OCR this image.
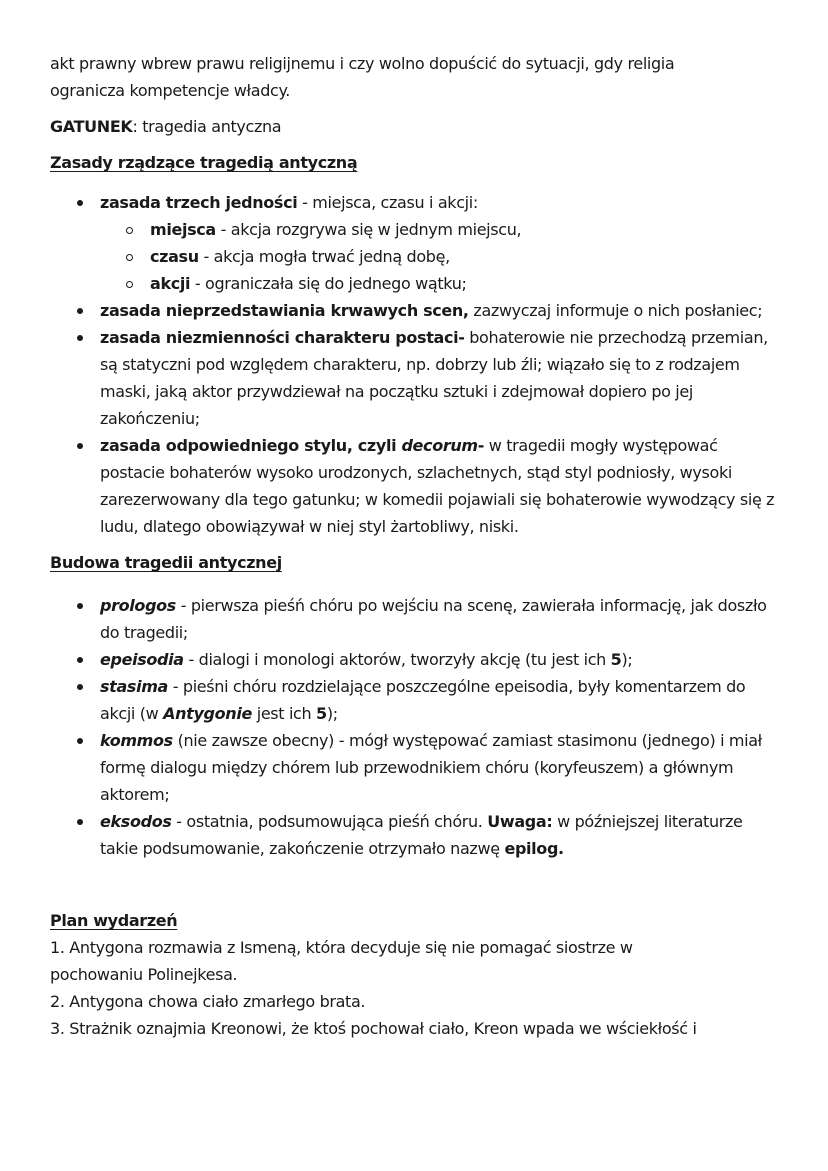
akt prawny wbrew prawu religijnemu i czy wolno dopuścić do sytuacji, gdy religia

ogranicza kompetencje władcy.

GATUNEK: tragedia antyczna

Zasady rządzące tragedią antyczną

zasada trzech jedności - miejsca, czasu i akcji:
miejsca - akcja rozgrywa się w jednym miejscu,
czasu - akcja mogła trwać jedną dobę,
akcji - ograniczała się do jednego wątku;
zasada nieprzedstawiania krwawych scen, zazwyczaj informuje o nich posłaniec;
zasada niezmienności charakteru postaci- bohaterowie nie przechodzą przemian, są statyczni pod względem charakteru, np. dobrzy lub źli; wiązało się to z rodzajem maski, jaką aktor przywdziewał na początku sztuki i zdejmował dopiero po jej zakończeniu;
zasada odpowiedniego stylu, czyli decorum- w tragedii mogły występować postacie bohaterów wysoko urodzonych, szlachetnych, stąd styl podniosły, wysoki zarezerwowany dla tego gatunku; w komedii pojawiali się bohaterowie wywodzący się z ludu, dlatego obowiązywał w niej styl żartobliwy, niski.

Budowa tragedii antycznej

prologos - pierwsza pieśń chóru po wejściu na scenę, zawierała informację, jak doszło do tragedii;
epeisodia - dialogi i monologi aktorów, tworzyły akcję (tu jest ich 5);
stasima - pieśni chóru rozdzielające poszczególne epeisodia, były komentarzem do akcji (w Antygonie jest ich 5);
kommos (nie zawsze obecny) - mógł występować zamiast stasimonu (jednego) i miał formę dialogu między chórem lub przewodnikiem chóru (koryfeuszem) a głównym aktorem;
eksodos - ostatnia, podsumowująca pieśń chóru. Uwaga: w późniejszej literaturze takie podsumowanie, zakończenie otrzymało nazwę epilog.

Plan wydarzeń

1. Antygona rozmawia z Ismeną, która decyduje się nie pomagać siostrze w

pochowaniu Polinejkesa.

2. Antygona chowa ciało zmarłego brata.

3. Strażnik oznajmia Kreonowi, że ktoś pochował ciało, Kreon wpada we wściekłość i
